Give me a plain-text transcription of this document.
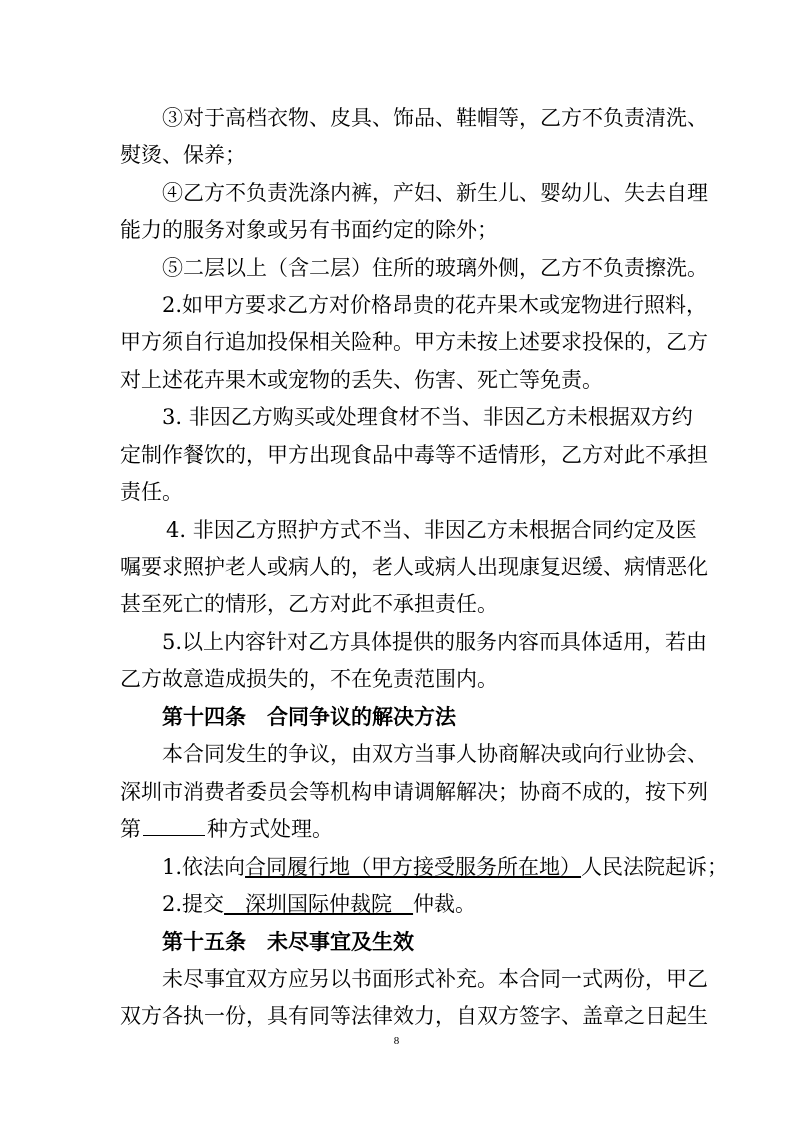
③对于高档衣物、皮具、饰品、鞋帽等，乙方不负责清洗、
熨烫、保养；
④乙方不负责洗涤内裤，产妇、新生儿、婴幼儿、失去自理
能力的服务对象或另有书面约定的除外；
⑤二层以上（含二层）住所的玻璃外侧，乙方不负责擦洗。
2.如甲方要求乙方对价格昂贵的花卉果木或宠物进行照料，
甲方须自行追加投保相关险种。甲方未按上述要求投保的，乙方
对上述花卉果木或宠物的丢失、伤害、死亡等免责。
3. 非因乙方购买或处理食材不当、非因乙方未根据双方约
定制作餐饮的，甲方出现食品中毒等不适情形，乙方对此不承担
责任。
4. 非因乙方照护方式不当、非因乙方未根据合同约定及医
嘱要求照护老人或病人的，老人或病人出现康复迟缓、病情恶化
甚至死亡的情形，乙方对此不承担责任。
5.以上内容针对乙方具体提供的服务内容而具体适用，若由
乙方故意造成损失的，不在免责范围内。
第十四条　合同争议的解决方法
本合同发生的争议，由双方当事人协商解决或向行业协会、
深圳市消费者委员会等机构申请调解解决；协商不成的，按下列
第	种方式处理。
1.依法向合同履行地（甲方接受服务所在地）人民法院起诉；
2.提交　深圳国际仲裁院　仲裁。
第十五条　未尽事宜及生效
未尽事宜双方应另以书面形式补充。本合同一式两份，甲乙
双方各执一份，具有同等法律效力，自双方签字、盖章之日起生
8
